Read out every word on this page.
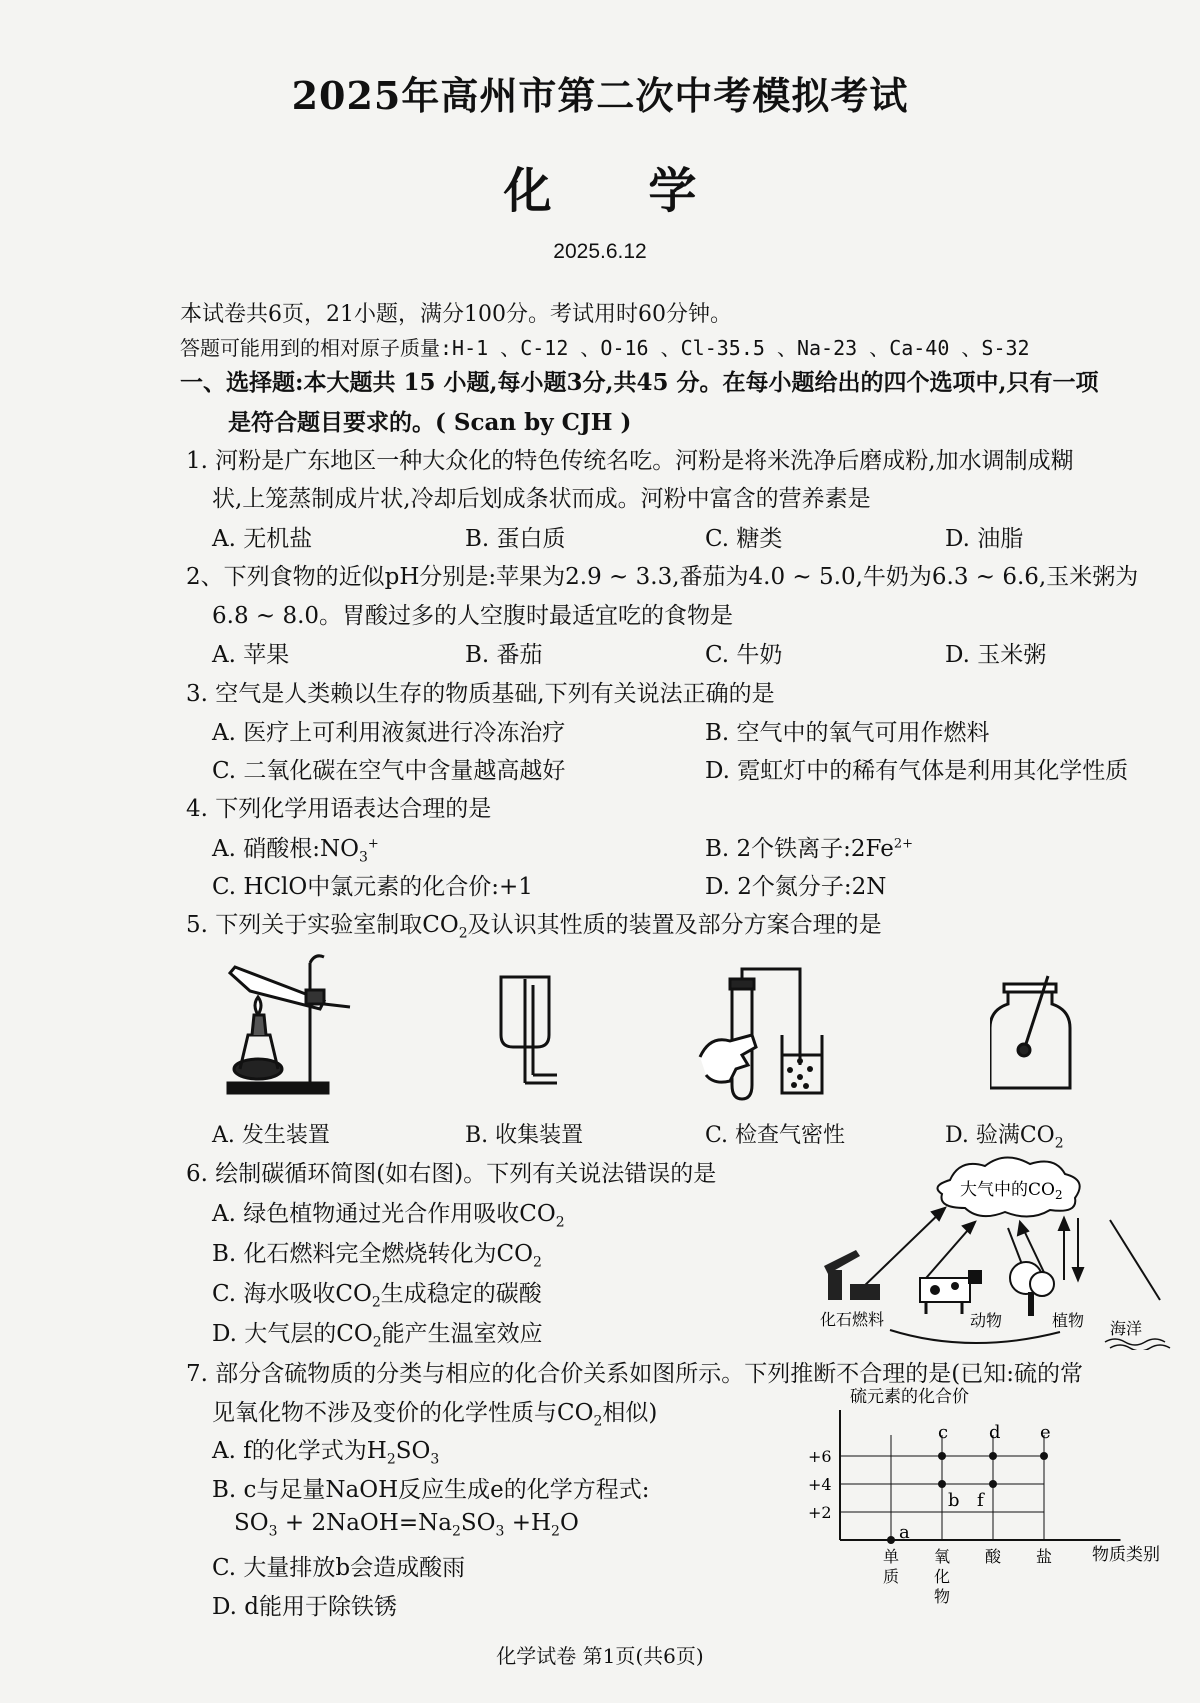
2025年高州市第二次中考模拟考试
化 学
2025.6.12
本试卷共6页，21小题，满分100分。考试用时60分钟。
答题可能用到的相对原子质量:H-1 、C-12 、O-16 、Cl-35.5 、Na-23 、Ca-40 、S-32
一、选择题:本大题共 15 小题,每小题3分,共45 分。在每小题给出的四个选项中,只有一项
是符合题目要求的。( Scan by CJH )
1. 河粉是广东地区一种大众化的特色传统名吃。河粉是将米洗净后磨成粉,加水调制成糊
状,上笼蒸制成片状,冷却后划成条状而成。河粉中富含的营养素是
A. 无机盐	B. 蛋白质	C. 糖类	D. 油脂
2、下列食物的近似pH分别是:苹果为2.9 ~ 3.3,番茄为4.0 ~ 5.0,牛奶为6.3 ~ 6.6,玉米粥为
6.8 ~ 8.0。胃酸过多的人空腹时最适宜吃的食物是
A. 苹果	B. 番茄	C. 牛奶	D. 玉米粥
3. 空气是人类赖以生存的物质基础,下列有关说法正确的是
A. 医疗上可利用液氮进行冷冻治疗	B. 空气中的氧气可用作燃料
C. 二氧化碳在空气中含量越高越好	D. 霓虹灯中的稀有气体是利用其化学性质
4. 下列化学用语表达合理的是
A. 硝酸根$:NO_3^+$	B. 2个铁离子$:2Fe^{2+}$
C. HClO中氯元素的化合价:+1	D. 2个氮分子:2N
5. 下列关于实验室制取$CO_2$及认识其性质的装置及部分方案合理的是
A. 发生装置	B. 收集装置	C. 检查气密性	D. 验满$CO_2$
6. 绘制碳循环简图(如右图)。下列有关说法错误的是
A. 绿色植物通过光合作用吸收$CO_2$
B. 化石燃料完全燃烧转化为$CO_2$
C. 海水吸收$CO_2$生成稳定的碳酸
D. 大气层的$CO_2$能产生温室效应
大气中的$CO_2$
化石燃料	动物	植物 海洋
7. 部分含硫物质的分类与相应的化合价关系如图所示。下列推断不合理的是(已知:硫的常
见氧化物不涉及变价的化学性质与$CO_2$相似)
A. f的化学式为$H_2SO_3$
B. c与足量NaOH反应生成e的化学方程式:
$SO_3$ + $2NaOH=Na_2SO_3 +H_2O$
C. 大量排放b会造成酸雨
D. d能用于除铁锈
硫元素的化合价
+6
+4
+2
单质
氧化物
酸 盐
a
b
c d
f
e
物质类别
化学试卷 第1页(共6页)
